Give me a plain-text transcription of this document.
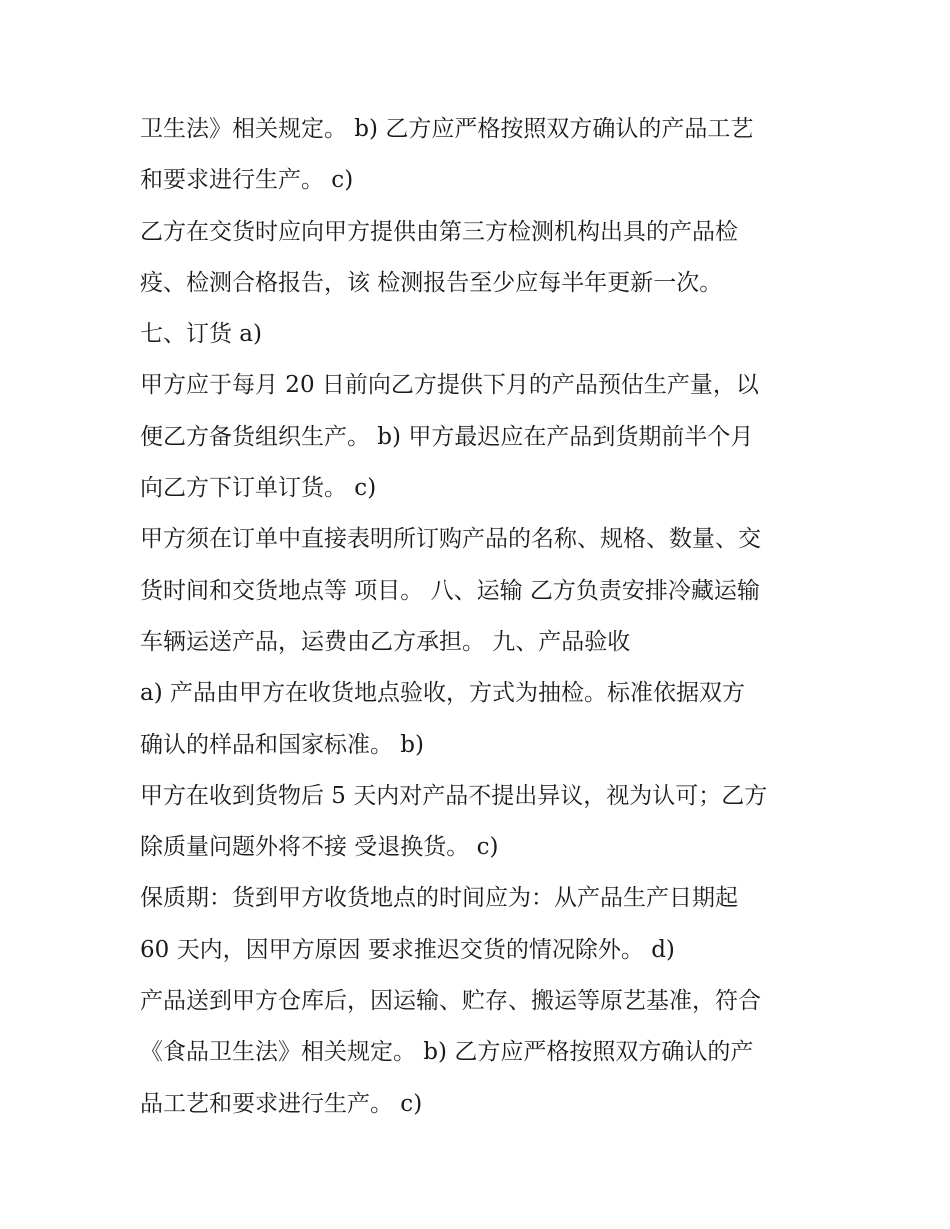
卫生法》相关规定。 b) 乙方应严格按照双方确认的产品工艺
和要求进行生产。 c)
乙方在交货时应向甲方提供由第三方检测机构出具的产品检
疫、检测合格报告，该 检测报告至少应每半年更新一次。
七、订货 a)
甲方应于每月 20 日前向乙方提供下月的产品预估生产量，以
便乙方备货组织生产。 b) 甲方最迟应在产品到货期前半个月
向乙方下订单订货。 c)
甲方须在订单中直接表明所订购产品的名称、规格、数量、交
货时间和交货地点等 项目。 八、运输 乙方负责安排冷藏运输
车辆运送产品，运费由乙方承担。 九、产品验收
a) 产品由甲方在收货地点验收，方式为抽检。标准依据双方
确认的样品和国家标准。 b)
甲方在收到货物后 5 天内对产品不提出异议，视为认可；乙方
除质量问题外将不接 受退换货。 c)
保质期：货到甲方收货地点的时间应为：从产品生产日期起
60 天内，因甲方原因 要求推迟交货的情况除外。 d)
产品送到甲方仓库后，因运输、贮存、搬运等原艺基准，符合
《食品卫生法》相关规定。 b) 乙方应严格按照双方确认的产
品工艺和要求进行生产。 c)
